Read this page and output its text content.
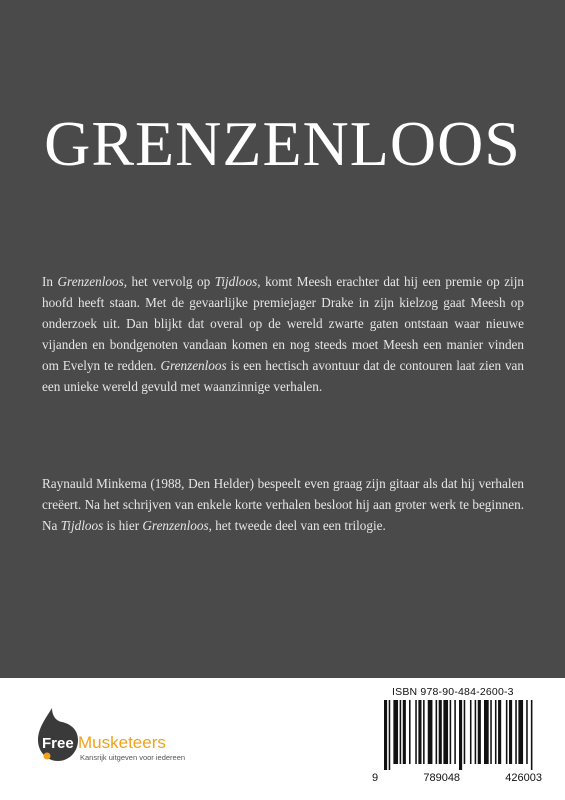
GRENZENLOOS

In Grenzenloos, het vervolg op Tijdloos, komt Meesh erachter dat hij een premie op zijn hoofd heeft staan. Met de gevaarlijke premiejager Drake in zijn kielzog gaat Meesh op onderzoek uit. Dan blijkt dat overal op de wereld zwarte gaten ontstaan waar nieuwe vijanden en bondgenoten vandaan komen en nog steeds moet Meesh een manier vinden om Evelyn te redden. Grenzenloos is een hectisch avontuur dat de contouren laat zien van een unieke wereld gevuld met waanzinnige verhalen.

Raynauld Minkema (1988, Den Helder) bespeelt even graag zijn gitaar als dat hij verhalen creëert. Na het schrijven van enkele korte verhalen besloot hij aan groter werk te beginnen. Na Tijdloos is hier Grenzenloos, het tweede deel van een trilogie.

Free Musketeers
Kansrijk uitgeven voor iedereen
ISBN 978-90-484-2600-3
9	789048	426003
